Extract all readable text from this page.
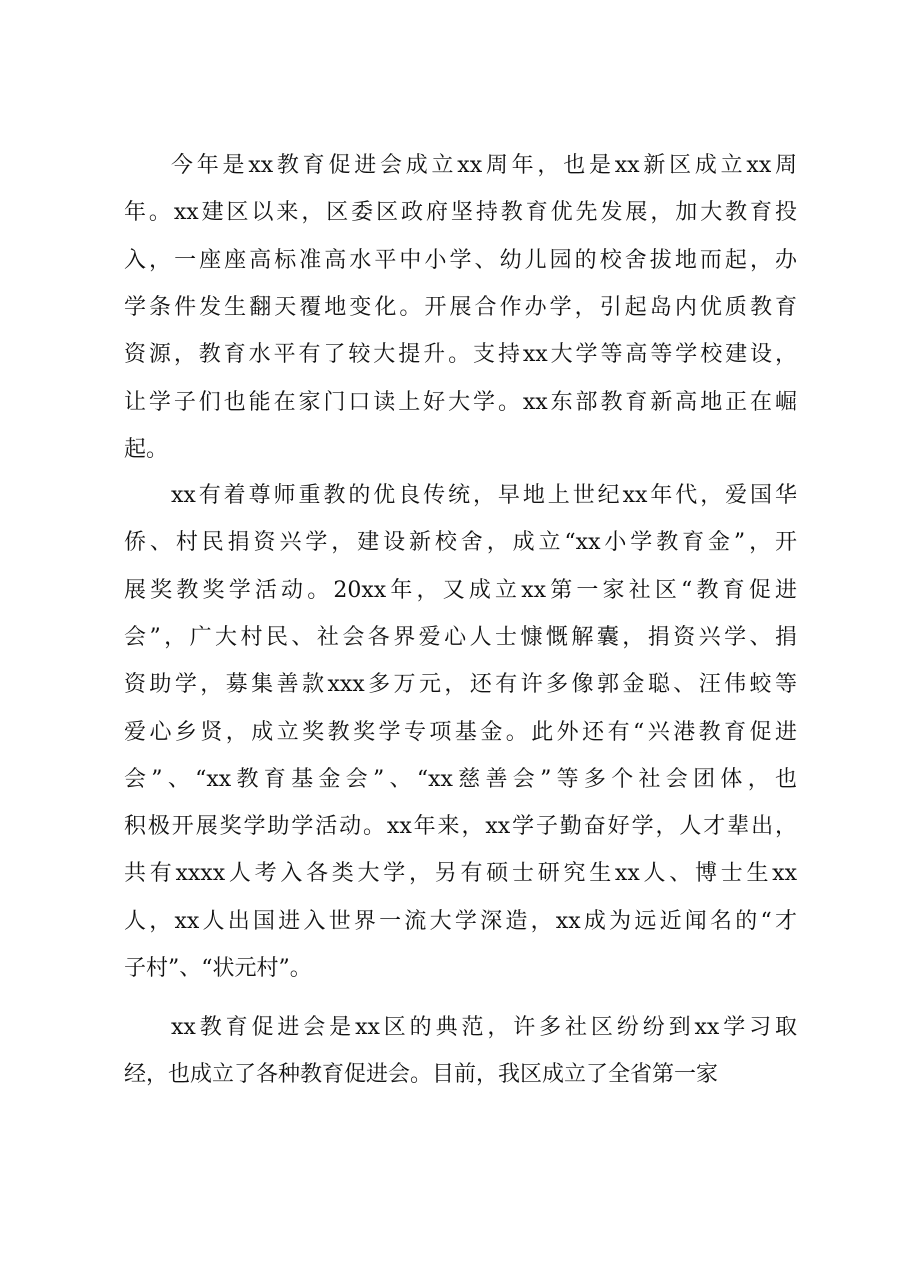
今年是xx教育促进会成立xx周年，也是xx新区成立xx周
年。xx建区以来，区委区政府坚持教育优先发展，加大教育投
入，一座座高标准高水平中小学、幼儿园的校舍拔地而起，办
学条件发生翻天覆地变化。开展合作办学，引起岛内优质教育
资源，教育水平有了较大提升。支持xx大学等高等学校建设，
让学子们也能在家门口读上好大学。xx东部教育新高地正在崛
起。
xx有着尊师重教的优良传统，早地上世纪xx年代，爱国华
侨、村民捐资兴学，建设新校舍，成立“xx小学教育金”，开
展奖教奖学活动。20xx年，又成立xx第一家社区“教育促进
会”，广大村民、社会各界爱心人士慷慨解囊，捐资兴学、捐
资助学，募集善款xxx多万元，还有许多像郭金聪、汪伟蛟等
爱心乡贤，成立奖教奖学专项基金。此外还有“兴港教育促进
会”、“xx教育基金会”、“xx慈善会”等多个社会团体，也
积极开展奖学助学活动。xx年来，xx学子勤奋好学，人才辈出，
共有xxxx人考入各类大学，另有硕士研究生xx人、博士生xx
人，xx人出国进入世界一流大学深造，xx成为远近闻名的“才
子村”、“状元村”。
xx教育促进会是xx区的典范，许多社区纷纷到xx学习取
经，也成立了各种教育促进会。目前，我区成立了全省第一家
